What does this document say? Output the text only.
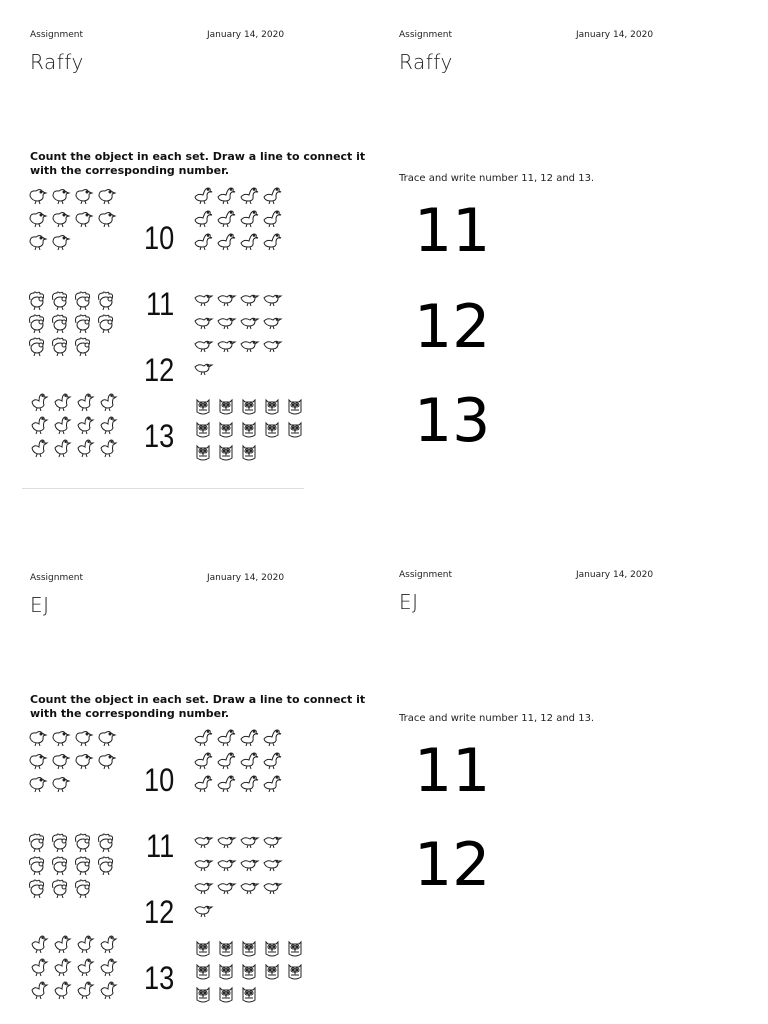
Assignment	January 14, 2020
Raffy
Count the object in each set. Draw a line to connect it with the corresponding number.
10
11
12
13
Assignment	January 14, 2020
Raffy
Trace and write number 11, 12 and 13.
11
12
13
Assignment	January 14, 2020
EJ
Count the object in each set. Draw a line to connect it with the corresponding number.
10
11
12
13
Assignment	January 14, 2020
EJ
Trace and write number 11, 12 and 13.
11
12
